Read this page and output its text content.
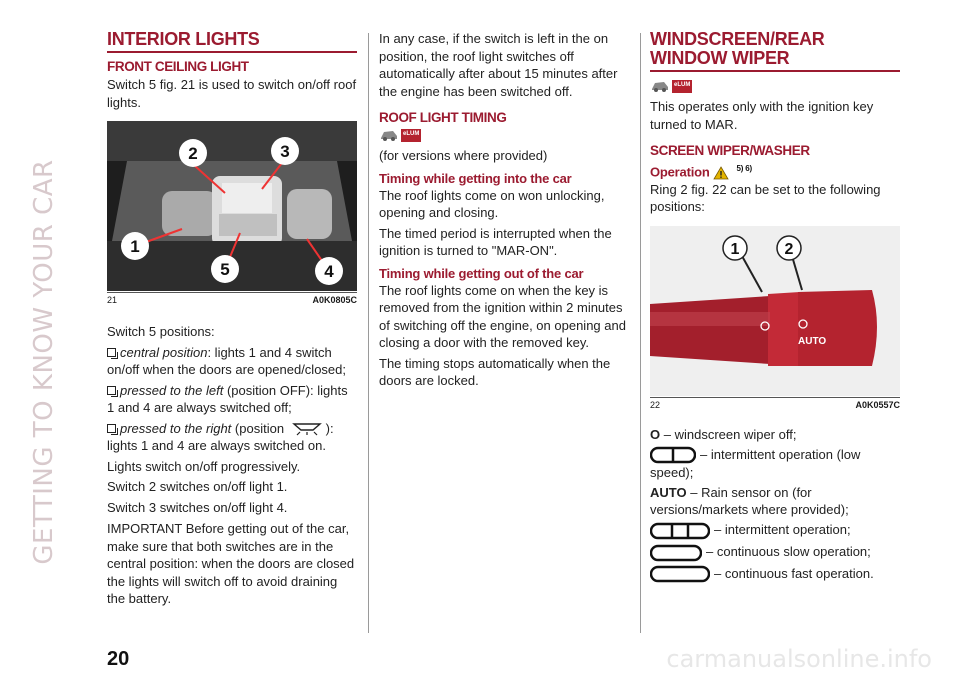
GETTING TO KNOW YOUR CAR
INTERIOR LIGHTS
FRONT CEILING LIGHT

Switch 5 fig. 21 is used to switch on/off roof lights.

1
2	3
4
5
21	A0K0805C

Switch 5 positions:

central position: lights 1 and 4 switch on/off when the doors are opened/closed;

pressed to the left (position OFF): lights 1 and 4 are always switched off;

pressed to the right (position	): lights 1 and 4 are always switched on.

Lights switch on/off progressively.

Switch 2 switches on/off light 1.

Switch 3 switches on/off light 4.

IMPORTANT Before getting out of the car, make sure that both switches are in the central position: when the doors are closed the lights will switch off to avoid draining the battery.

In any case, if the switch is left in the on position, the roof light switches off automatically after about 15 minutes after the engine has been switched off.

ROOF LIGHT TIMING
eLUM

(for versions where provided)

Timing while getting into the car

The roof lights come on won unlocking, opening and closing.

The timed period is interrupted when the ignition is turned to "MAR-ON".

Timing while getting out of the car

The roof lights come on when the key is removed from the ignition within 2 minutes of switching off the engine, on opening and closing a door with the removed key.

The timing stops automatically when the doors are locked.

WINDSCREEN/REAR WINDOW WIPER
eLUM

This operates only with the ignition key turned to MAR.

SCREEN WIPER/WASHER
Operation	$^{5) 6)}$

Ring 2 fig. 22 can be set to the following positions:

1	2
AUTO
22	A0K0557C

O – windscreen wiper off;

– intermittent operation (low speed);

AUTO – Rain sensor on (for versions/markets where provided);

– intermittent operation;

– continuous slow operation;

– continuous fast operation.

20	carmanualsonline.info
